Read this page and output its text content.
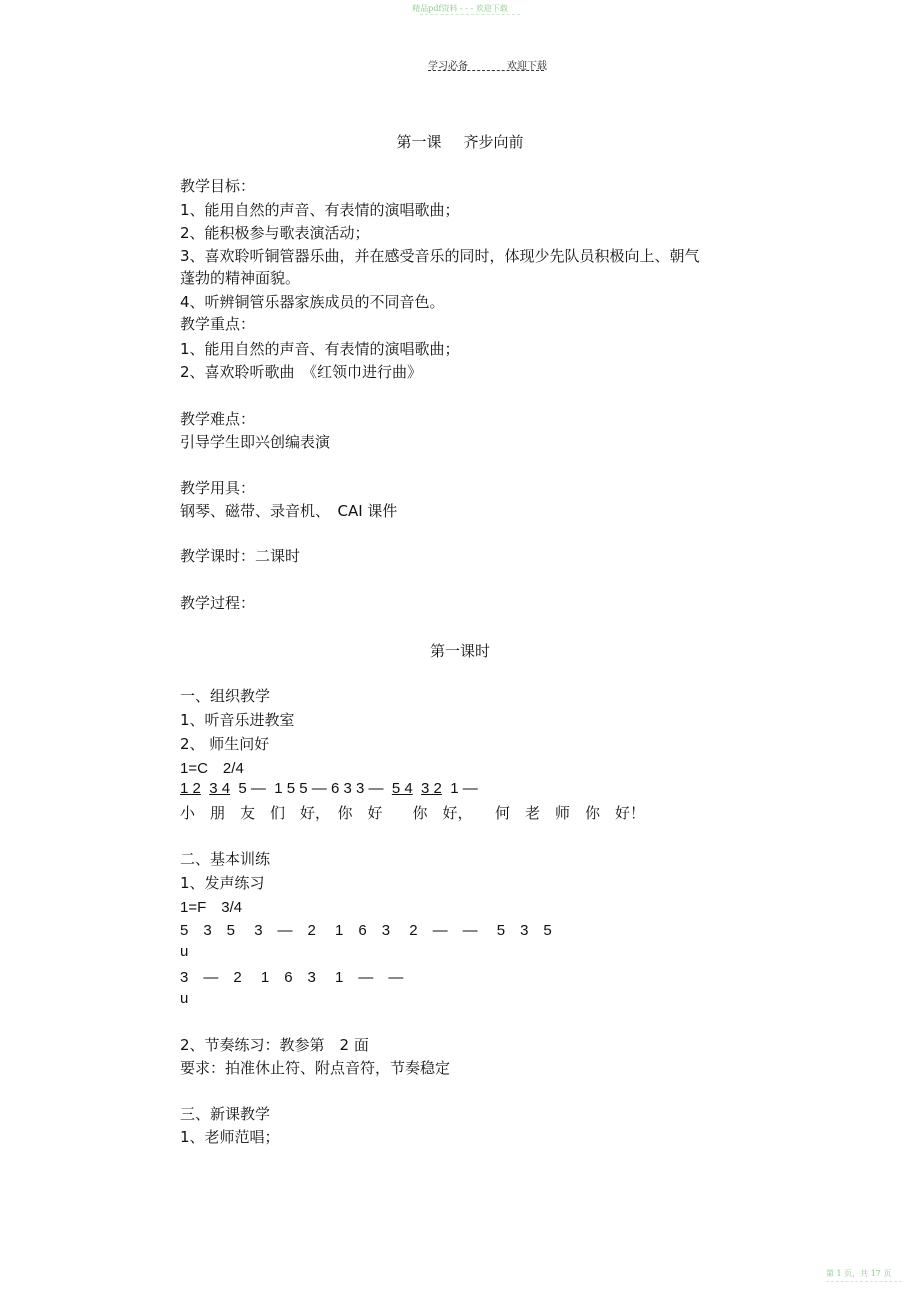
精品pdf资料 - - - 欢迎下载
学习必备	欢迎下载
第一课 齐步向前
教学目标：
1、能用自然的声音、有表情的演唱歌曲；
2、能积极参与歌表演活动；
3、喜欢聆听铜管器乐曲，并在感受音乐的同时，体现少先队员积极向上、朝气
蓬勃的精神面貌。
4、听辨铜管乐器家族成员的不同音色。
教学重点：
1、能用自然的声音、有表情的演唱歌曲；
2、喜欢聆听歌曲　《红领巾进行曲》
教学难点：
引导学生即兴创编表演
教学用具：
钢琴、磁带、录音机、　CAI 课件
教学课时：二课时
教学过程：
第一课时
一、组织教学
1、听音乐进教室
2、 师生问好
1=C　2/4
1 2 3 4 5 — 1 5 5 — 6 3 3 — 5 4 3 2 1 —
小　朋　友　们　好，　你　好　　你　好，　　何　老　师　你　好！
二、基本训练
1、发声练习
1=F　3/4
5　3　5　 3　—　2　 1　6　3　 2　—　—　 5　3　5
u
3　—　2　 1　6　3　 1　—　—
u
2、节奏练习：教参第　2 面
要求：拍准休止符、附点音符，节奏稳定
三、新课教学
1、老师范唱；
第 1 页，共 17 页
